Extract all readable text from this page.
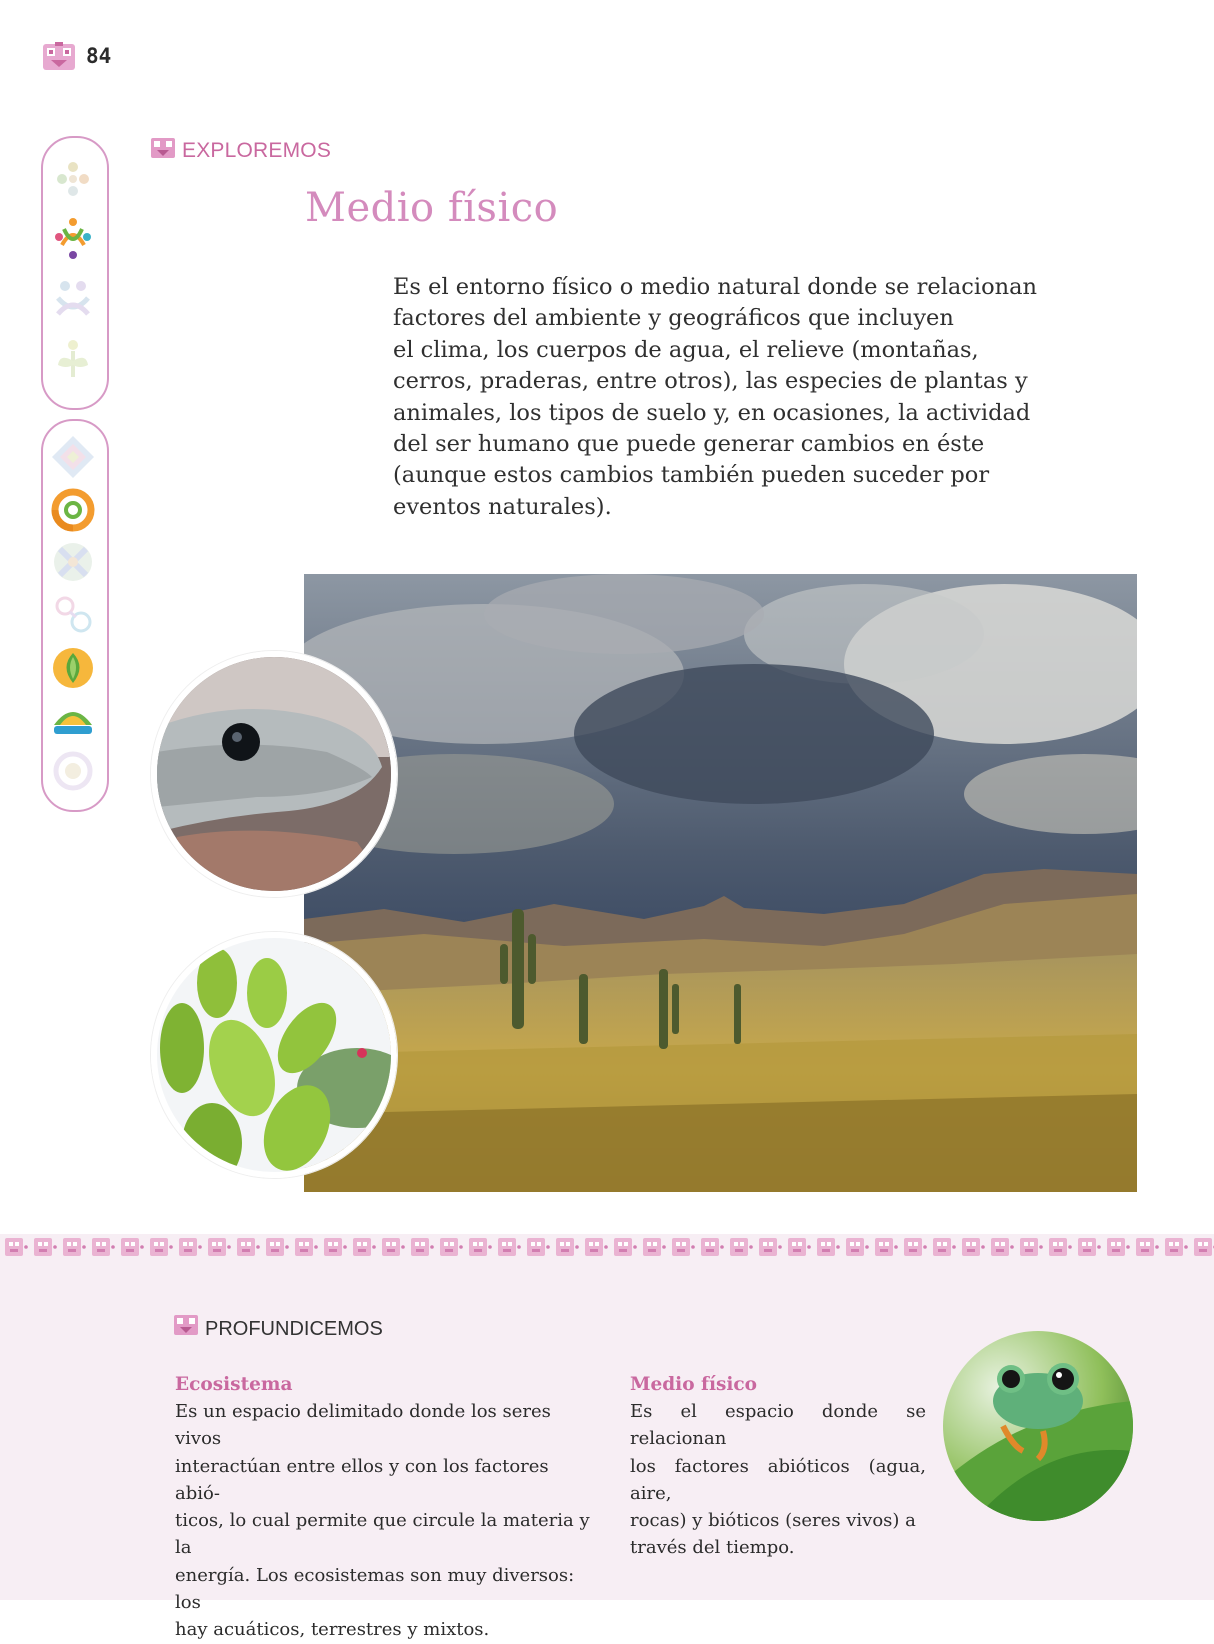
84
EXPLOREMOS
Medio físico

Es el entorno físico o medio natural donde se relacionan
factores del ambiente y geográficos que incluyen
el clima, los cuerpos de agua, el relieve (montañas,
cerros, praderas, entre otros), las especies de plantas y
animales, los tipos de suelo y, en ocasiones, la actividad
del ser humano que puede generar cambios en éste
(aunque estos cambios también pueden suceder por
eventos naturales).

PROFUNDICEMOS
Ecosistema

Es un espacio delimitado donde los seres vivos
interactúan entre ellos y con los factores abió-
ticos, lo cual permite que circule la materia y la
energía. Los ecosistemas son muy diversos: los
hay acuáticos, terrestres y mixtos.

Medio físico

Es el espacio donde se relacionan
los factores abióticos (agua, aire,
rocas) y bióticos (seres vivos) a
través del tiempo.
